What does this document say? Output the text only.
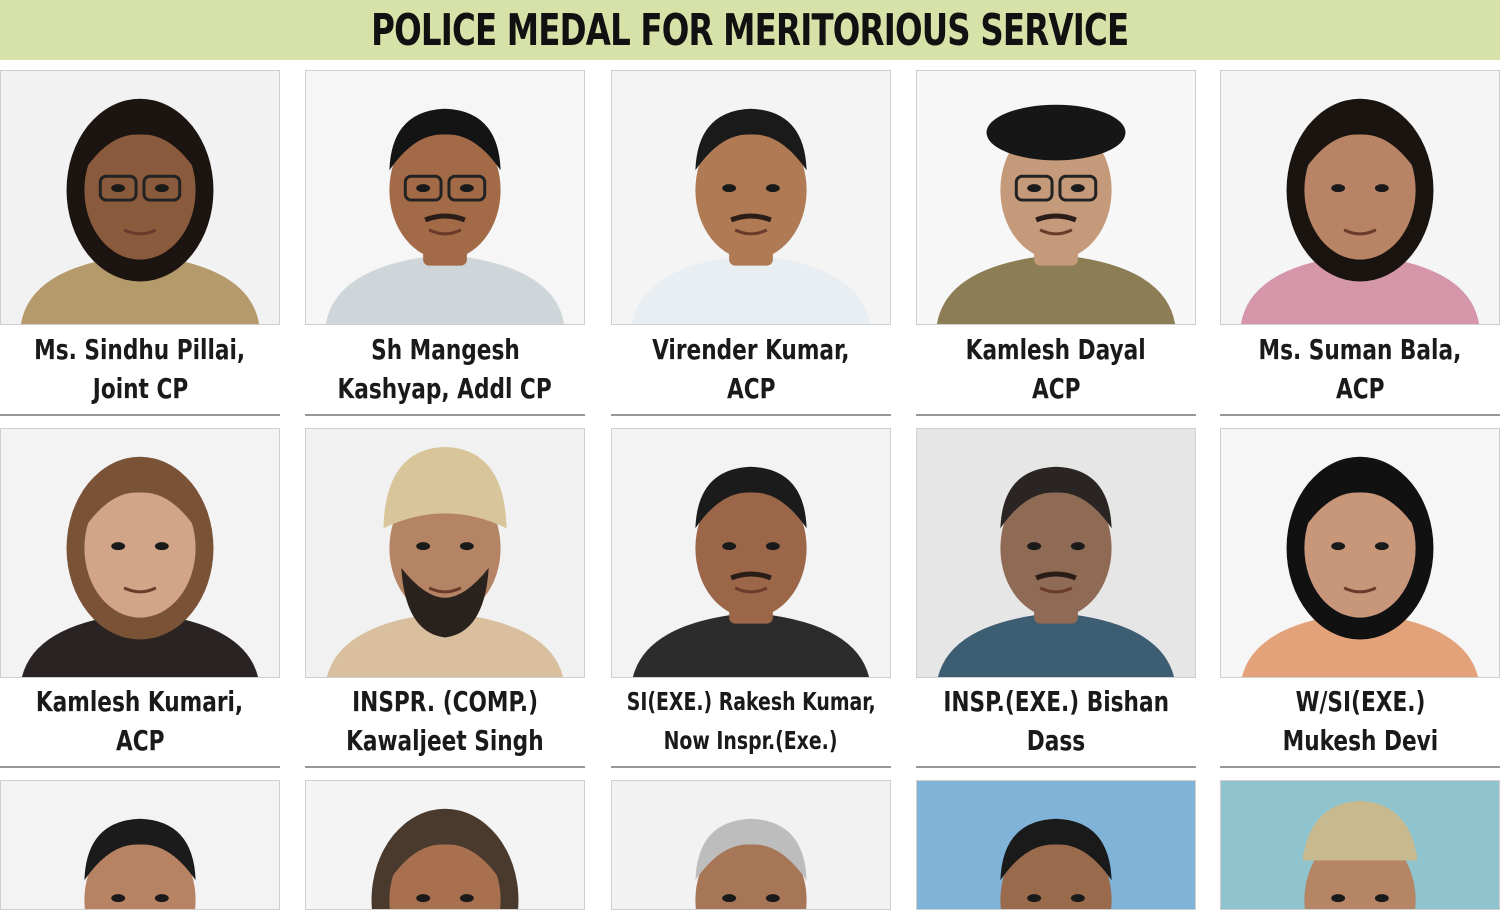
POLICE MEDAL FOR MERITORIOUS SERVICE
Ms. Sindhu Pillai,
Joint CP
Sh Mangesh
Kashyap, Addl CP
Virender Kumar,
ACP
Kamlesh Dayal
ACP
Ms. Suman Bala,
ACP
Kamlesh Kumari,
ACP
INSPR. (COMP.)
Kawaljeet Singh
SI(EXE.) Rakesh Kumar,
Now Inspr.(Exe.)
INSP.(EXE.) Bishan
Dass
W/SI(EXE.)
Mukesh Devi
